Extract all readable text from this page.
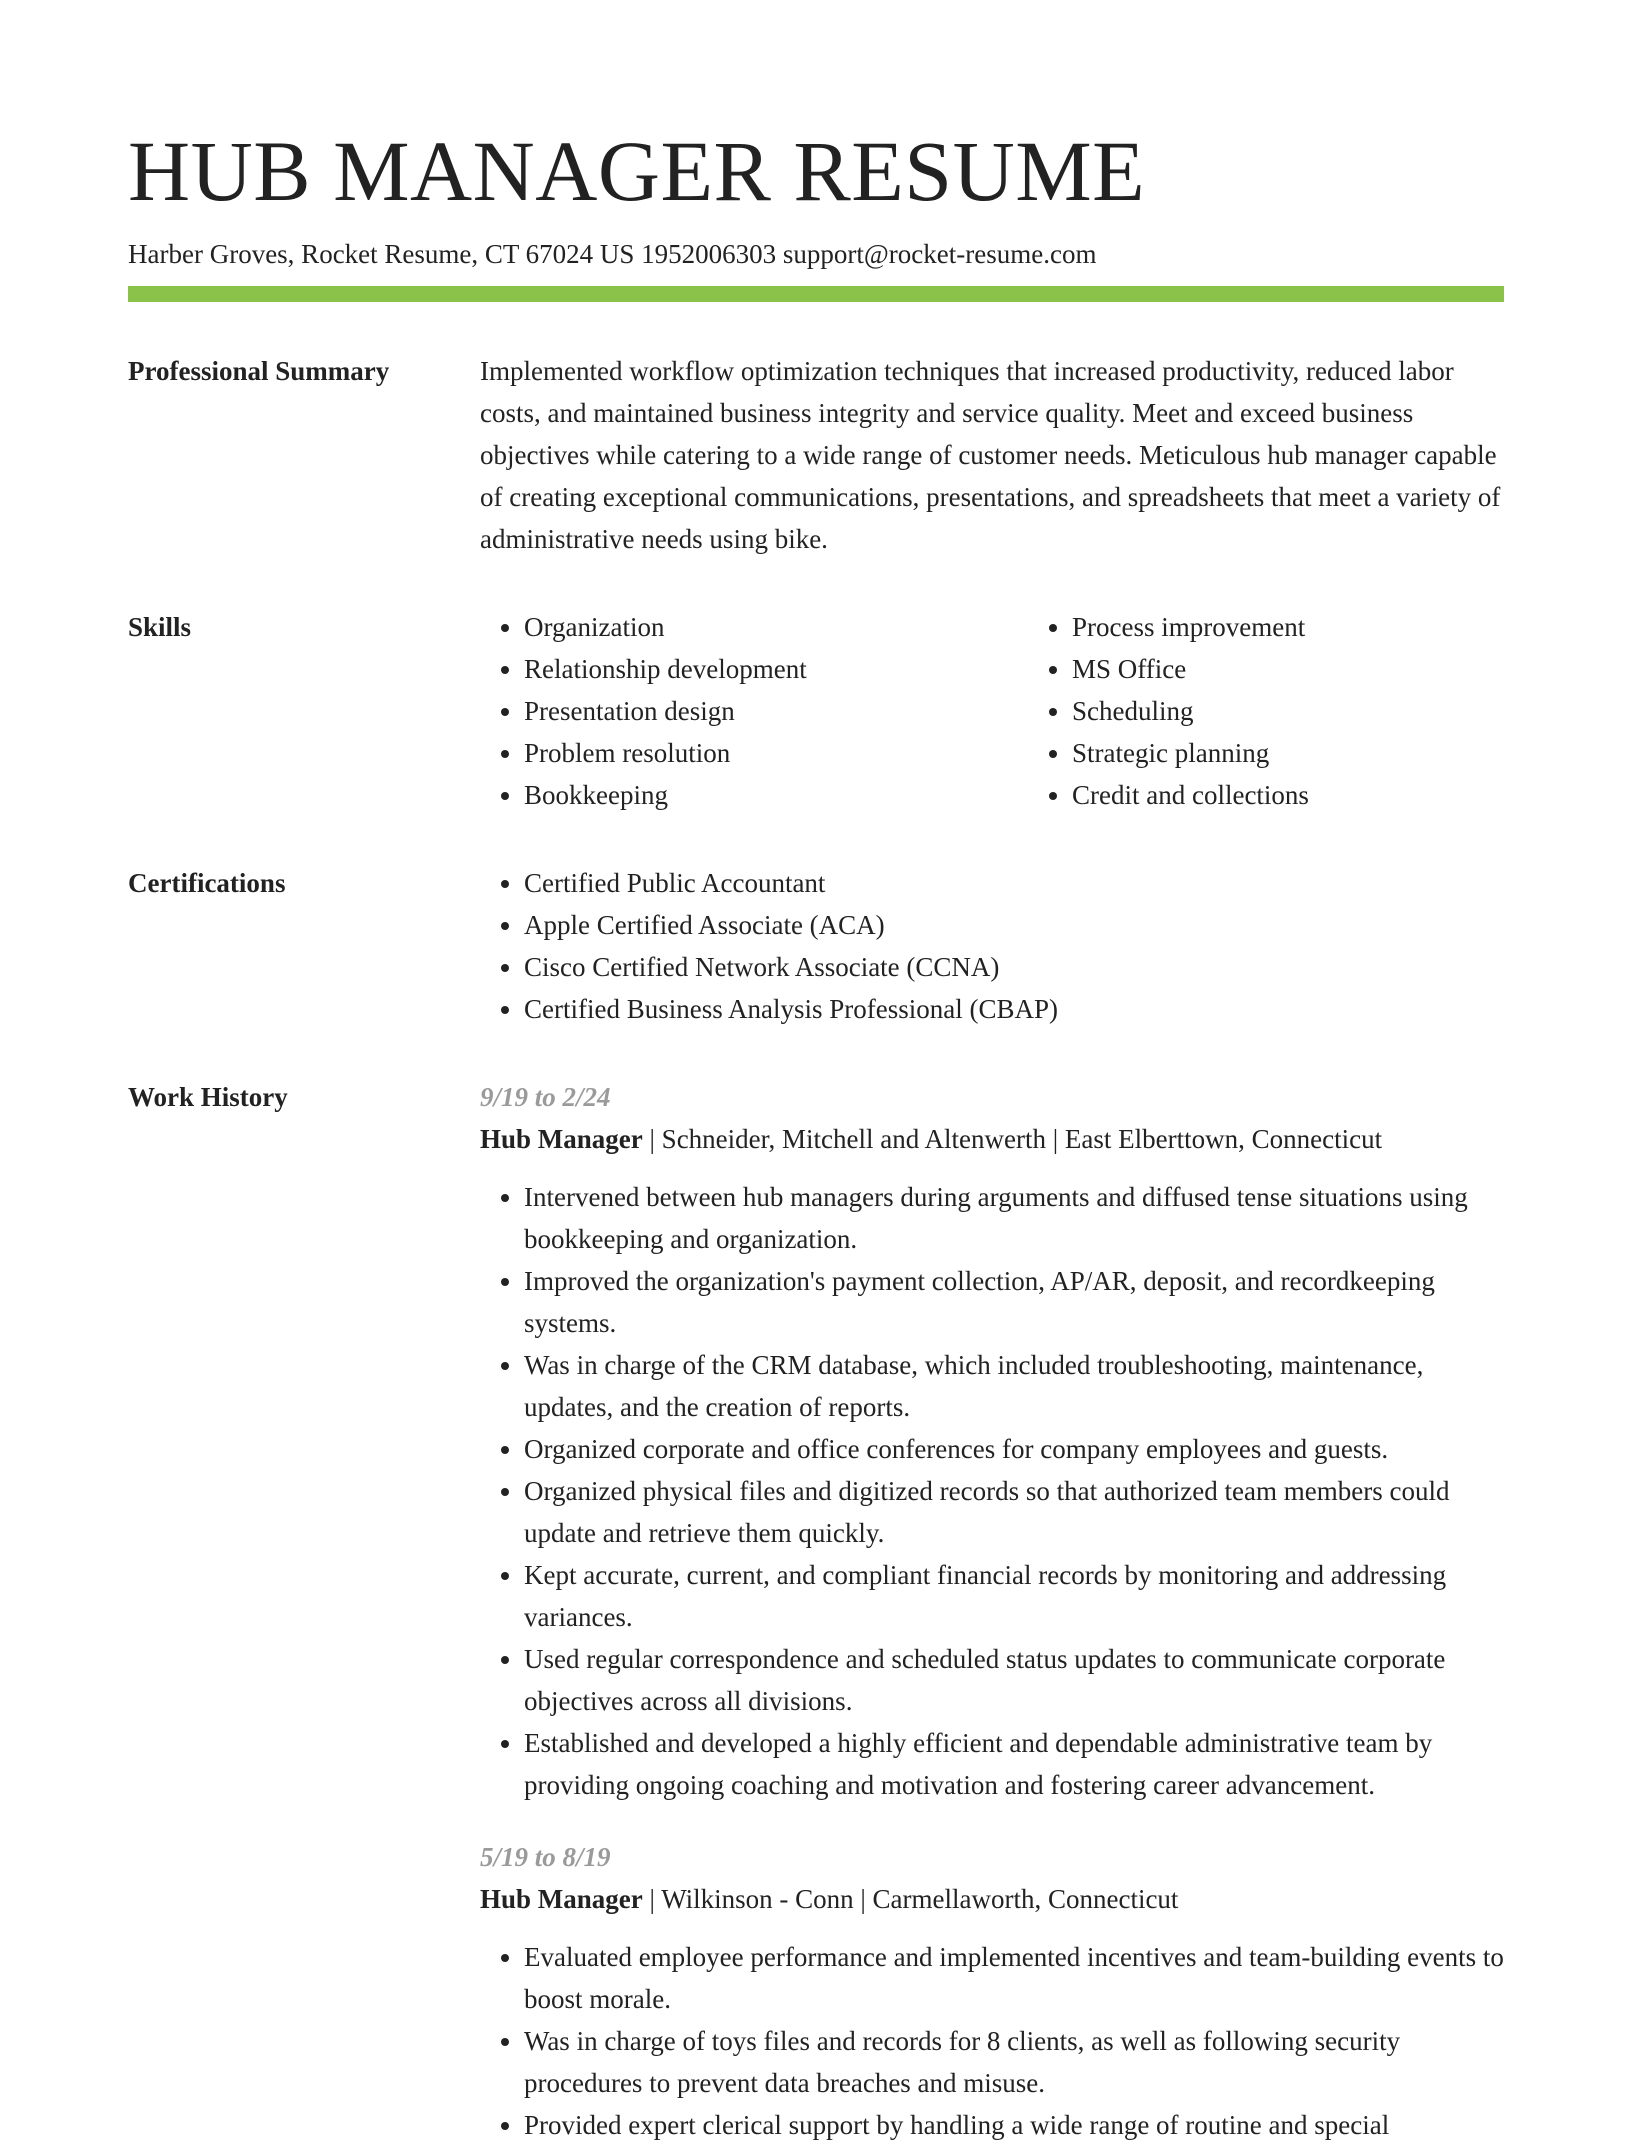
HUB MANAGER RESUME
Harber Groves, Rocket Resume, CT 67024 US 1952006303 support@rocket-resume.com
Professional Summary	Implemented workflow optimization techniques that increased productivity, reduced labor costs, and maintained business integrity and service quality. Meet and exceed business objectives while catering to a wide range of customer needs. Meticulous hub manager capable of creating exceptional communications, presentations, and spreadsheets that meet a variety of administrative needs using bike.

Skills	• Organization
• Relationship development
• Presentation design
• Problem resolution
• Bookkeeping
• Process improvement
• MS Office
• Scheduling
• Strategic planning
• Credit and collections
Certifications	• Certified Public Accountant
• Apple Certified Associate (ACA)
• Cisco Certified Network Associate (CCNA)
• Certified Business Analysis Professional (CBAP)
Work History	9/19 to 2/24
Hub Manager | Schneider, Mitchell and Altenwerth | East Elberttown, Connecticut
• Intervened between hub managers during arguments and diffused tense situations using bookkeeping and organization.
• Improved the organization's payment collection, AP/AR, deposit, and recordkeeping systems.
• Was in charge of the CRM database, which included troubleshooting, maintenance, updates, and the creation of reports.
• Organized corporate and office conferences for company employees and guests.
• Organized physical files and digitized records so that authorized team members could update and retrieve them quickly.
• Kept accurate, current, and compliant financial records by monitoring and addressing variances.
• Used regular correspondence and scheduled status updates to communicate corporate objectives across all divisions.
• Established and developed a highly efficient and dependable administrative team by providing ongoing coaching and motivation and fostering career advancement.
5/19 to 8/19
Hub Manager | Wilkinson - Conn | Carmellaworth, Connecticut
• Evaluated employee performance and implemented incentives and team-building events to boost morale.
• Was in charge of toys files and records for 8 clients, as well as following security procedures to prevent data breaches and misuse.
• Provided expert clerical support by handling a wide range of routine and special
